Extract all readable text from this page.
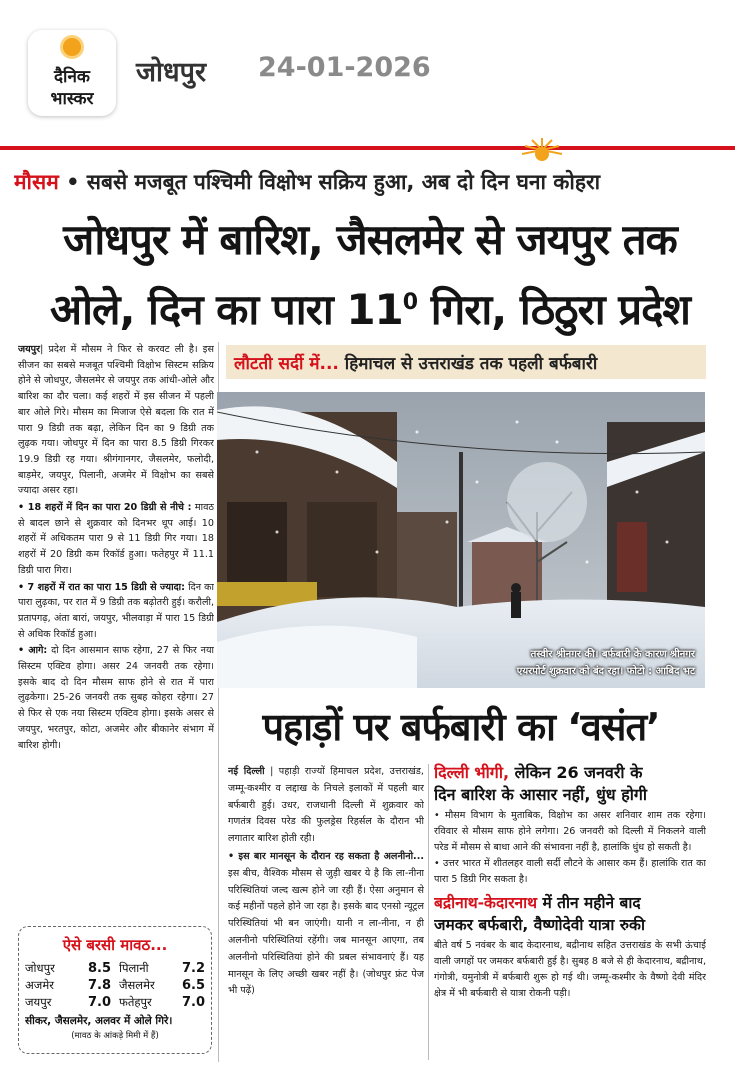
दैनिक
भास्कर
जोधपुर 24-01-2026
मौसम • सबसे मजबूत पश्चिमी विक्षोभ सक्रिय हुआ, अब दो दिन घना कोहरा
जोधपुर में बारिश, जैसलमेर से जयपुर तक
ओले, दिन का पारा $11^0$ गिरा, ठिठुरा प्रदेश

जयपुर| प्रदेश में मौसम ने फिर से करवट ली है। इस सीजन का सबसे मजबूत पश्चिमी विक्षोभ सिस्टम सक्रिय होने से जोधपुर, जैसलमेर से जयपुर तक आंधी-ओले और बारिश का दौर चला। कई शहरों में इस सीजन में पहली बार ओले गिरे। मौसम का मिजाज ऐसे बदला कि रात में पारा 9 डिग्री तक बढ़ा, लेकिन दिन का 9 डिग्री तक लुढ़क गया। जोधपुर में दिन का पारा 8.5 डिग्री गिरकर 19.9 डिग्री रह गया। श्रीगंगानगर, जैसलमेर, फलोदी, बाड़मेर, जयपुर, पिलानी, अजमेर में विक्षोभ का सबसे ज्यादा असर रहा।

• 18 शहरों में दिन का पारा 20 डिग्री से नीचे : मावठ से बादल छाने से शुक्रवार को दिनभर धूप आई। 10 शहरों में अधिकतम पारा 9 से 11 डिग्री गिर गया। 18 शहरों में 20 डिग्री कम रिकॉर्ड हुआ। फतेहपुर में 11.1 डिग्री पारा गिरा।

• 7 शहरों में रात का पारा 15 डिग्री से ज्यादा: दिन का पारा लुढ़का, पर रात में 9 डिग्री तक बढ़ोतरी हुई। करौली, प्रतापगढ़, अंता बारां, जयपुर, भीलवाड़ा में पारा 15 डिग्री से अधिक रिकॉर्ड हुआ।

• आगे: दो दिन आसमान साफ रहेगा, 27 से फिर नया सिस्टम एक्टिव होगा। असर 24 जनवरी तक रहेगा। इसके बाद दो दिन मौसम साफ होने से रात में पारा लुढ़केगा। 25-26 जनवरी तक सुबह कोहरा रहेगा। 27 से फिर से एक नया सिस्टम एक्टिव होगा। इसके असर से जयपुर, भरतपुर, कोटा, अजमेर और बीकानेर संभाग में बारिश होगी।

ऐसे बरसी मावठ...
जोधपुर	8.5 पिलानी	7.2
अजमेर	7.8 जैसलमेर 6.5
जयपुर	7.0 फतेहपुर 7.0
सीकर, जैसलमेर, अलवर में ओले गिरे।
(मावठ के आंकड़े मिमी में हैं)
लौटती सर्दी में... हिमाचल से उत्तराखंड तक पहली बर्फबारी
तस्वीर श्रीनगर की। बर्फबारी के कारण श्रीनगर
एयरपोर्ट शुक्रवार को बंद रहा। फोटो : आबिद भट
पहाड़ों पर बर्फबारी का ‘वसंत’

नई दिल्ली | पहाड़ी राज्यों हिमाचल प्रदेश, उत्तराखंड, जम्मू-कश्मीर व लद्दाख के निचले इलाकों में पहली बार बर्फबारी हुई। उधर, राजधानी दिल्ली में शुक्रवार को गणतंत्र दिवस परेड की फुलड्रेस रिहर्सल के दौरान भी लगातार बारिश होती रही।

• इस बार मानसून के दौरान रह सकता है अलनीनो... इस बीच, वैश्विक मौसम से जुड़ी खबर ये है कि ला-नीना परिस्थितियां जल्द खत्म होने जा रही हैं। ऐसा अनुमान से कई महीनों पहले होने जा रहा है। इसके बाद एनसो न्यूट्रल परिस्थितियां भी बन जाएंगी। यानी न ला-नीना, न ही अलनीनो परिस्थितियां रहेंगी। जब मानसून आएगा, तब अलनीनो परिस्थितियां होने की प्रबल संभावनाएं हैं। यह मानसून के लिए अच्छी खबर नहीं है। (जोधपुर फ्रंट पेज भी पढ़ें)

दिल्ली भीगी, लेकिन 26 जनवरी के
दिन बारिश के आसार नहीं, धुंध होगी

• मौसम विभाग के मुताबिक, विक्षोभ का असर शनिवार शाम तक रहेगा। रविवार से मौसम साफ होने लगेगा। 26 जनवरी को दिल्ली में निकलने वाली परेड में मौसम से बाधा आने की संभावना नहीं है, हालांकि धुंध हो सकती है।

• उत्तर भारत में शीतलहर वाली सर्दी लौटने के आसार कम हैं। हालांकि रात का पारा 5 डिग्री गिर सकता है।

बद्रीनाथ-केदारनाथ में तीन महीने बाद
जमकर बर्फबारी, वैष्णोदेवी यात्रा रुकी

बीते वर्ष 5 नवंबर के बाद केदारनाथ, बद्रीनाथ सहित उत्तराखंड के सभी ऊंचाई वाली जगहों पर जमकर बर्फबारी हुई है। सुबह 8 बजे से ही केदारनाथ, बद्रीनाथ, गंगोत्री, यमुनोत्री में बर्फबारी शुरू हो गई थी। जम्मू-कश्मीर के वैष्णो देवी मंदिर क्षेत्र में भी बर्फबारी से यात्रा रोकनी पड़ी।
